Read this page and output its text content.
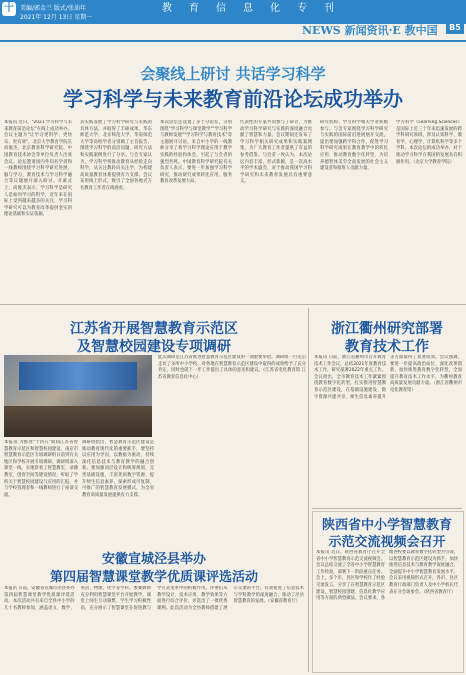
十	美编/郭金兰 版式/张油年
2021年 12月 13日 星期一
教育信息化专刊
NEWS 新闻资讯·E 教中国	B5
会聚线上研讨 共话学习科学
学习科学与未来教育前沿论坛成功举办
本报讯 近日，"2021 学习科学与未来教育前沿论坛"在线上成功举办。会议主题为"让学习更科学、更快乐、更有效"。北京大学教育学院长尚俊杰、北京教育科学研究院、中国教育技术协会等单位负责人出席会议。论坛邀请国内外知名学者和一线教师围绕学习科学研究进展、脑与学习、教育技术与学习科学融合等议题展开深入研讨。开幕式上，尚俊杰表示，学习科学是研究人是如何学习的科学，近年来在国际上受到越来越多的关注，学习科学研究可以为教育改革提供坚实的理论基础和实证依据。
其实践发展了学习科学研究与实践的具体方法，并取得了丰硕成果。华东师范大学、北京师范大学、华南师范大学等高校学者分别做了主旨报告，围绕学习科学的前沿问题、研究方法和实践案例进行了分享。与会专家认为，学习科学将推动教育从经验走向科学，从关注教转向关注学，为构建高质量教育体系提供有力支撑。会议采用线上形式，吸引了全国各地近万名教育工作者在线观看。
本次论坛还设置了多个分论坛，分别围绕"学习科学与课堂教学""学习科学与教师发展""学习科学与教育技术"等主题展开讨论。来自中小学的一线教师分享了将学习科学理论应用于教学实践的经验和体会，引起了与会者的强烈共鸣。中国教育科学研究院有关负责人表示，要进一步加强学习科学研究，推动研究成果转化应用，服务教育改革发展大局。
代表性的专家共同参与了研讨，为推动学习科学研究与实践的深度融合贡献了智慧和力量。会议期间还发布了学习科学相关研究成果和实践案例集，为广大教育工作者提供了有益的参考借鉴。与会者一致认为，本次论坛内容丰富、形式新颖，是一次高水平的学术盛会，对于推动我国学习科学研究和未来教育发展具有重要意义。
研究机构、学习科学相关学者积极参与。与会专家围绕学习科学研究与实践的国际前沿进展展开交流，提出要加强跨学科合作，促进学习科学研究成果在教育教学中的转化应用，推动教育数字化转型，为培养德智体美劳全面发展的社会主义建设者和接班人贡献力量。
学习科学（Learning Sciences）是国际上近三十年来迅速发展的跨学科研究领域，涉及认知科学、教育学、心理学、计算机科学等多个学科。本次论坛的成功举办，对于推动学习科学在我国的发展具有积极作用。（北京大学教育学院）
江苏省开展智慧教育示范区
及智慧校园建设专项调研
本报讯 为推进"十四五"期间江苏省智慧教育示范区和智慧校园建设，南京市智慧教育示范区专项调研组日前到有关地区和学校开展专项调研。调研组深入课堂一线，实地察看了智慧教室、录播教室、创客空间等建设情况，听取了学校关于智慧校园建设与应用的汇报，并与学校管理者和一线教师进行了座谈交流。
调研组指出，智慧教育示范区建设是推动教育现代化的重要抓手，要坚持以应用为导向，以数据为驱动，持续深化信息技术与教育教学的融合创新。要加强顶层设计和统筹规划，完善基础设施，丰富优质数字资源，提升师生信息素养，探索形成可复制、可推广的智慧教育发展模式，为全省教育高质量发展提供有力支撑。
此次调研是江苏省推进智慧教育示范区建设的一项重要举措。调研组一行先后走访了多所中小学校，对各地在智慧教育示范区建设中取得的成效给予了充分肯定，同时也就下一步工作提出了具体的意见和建议。（江苏省电化教育馆 江苏省教育信息化中心）
安徽宣城泾县举办
第四届智慧课堂教学优质课评选活动
本报讯 日前，安徽省宣城市泾县举办第四届智慧课堂教学优质课评选活动。本次活动共有来自全县中小学的几十名教师参加，涵盖语文、数学、英语、物理、化学等学科。参赛教师充分利用智慧课堂平台开展教学，课堂上师生互动频繁，学生学习积极性高，充分展示了智慧课堂在促进教与学方式变革中的积极作用。评委们从教学设计、技术应用、教学效果等方面进行综合评价，评选出了一批优秀课例。此次活动为全县教师搭建了展示交流的平台，有效促进了信息技术与学科教学的深度融合，推动了泾县智慧教育的发展。（安徽省教育厅）
浙江衢州研究部署
教育技术工作
本报讯 日前，浙江省衢州市召开教育技术工作会议，总结2021年度教育技术工作，研究部署2022年重点工作。会议指出，全市教育技术工作紧紧围绕教育数字化转型，扎实推进智慧教育示范区建设，在基础设施建设、数字资源共建共享、师生信息素养提升等方面取得了显著成效。会议强调，要进一步提高政治站位，深化改革创新，加快推进教育数字化转型，全面提升教育技术工作水平，为衢州教育高质量发展贡献力量。（浙江省衢州市电化教育馆）
陕西省中小学智慧教育
示范交流视频会召开
本报讯 近日，陕西省教育厅召开全省中小学智慧教育示范交流视频会。会议总结交流了全省中小学智慧教育工作经验，部署下一阶段重点任务。会上，多个市、县区和学校作了经验交流发言，分享了在智慧教育示范区建设、智慧校园创建、信息化教学应用等方面的典型做法。会议要求，各地各校要以教育数字化转型为引领，以智慧教育示范区建设为抓手，加快推进信息技术与教育教学深度融合，全面提升中小学智慧教育发展水平。会议采用视频形式召开，各市、县区教育行政部门负责人及中小学校长代表在分会场参会。（陕西省教育厅）
